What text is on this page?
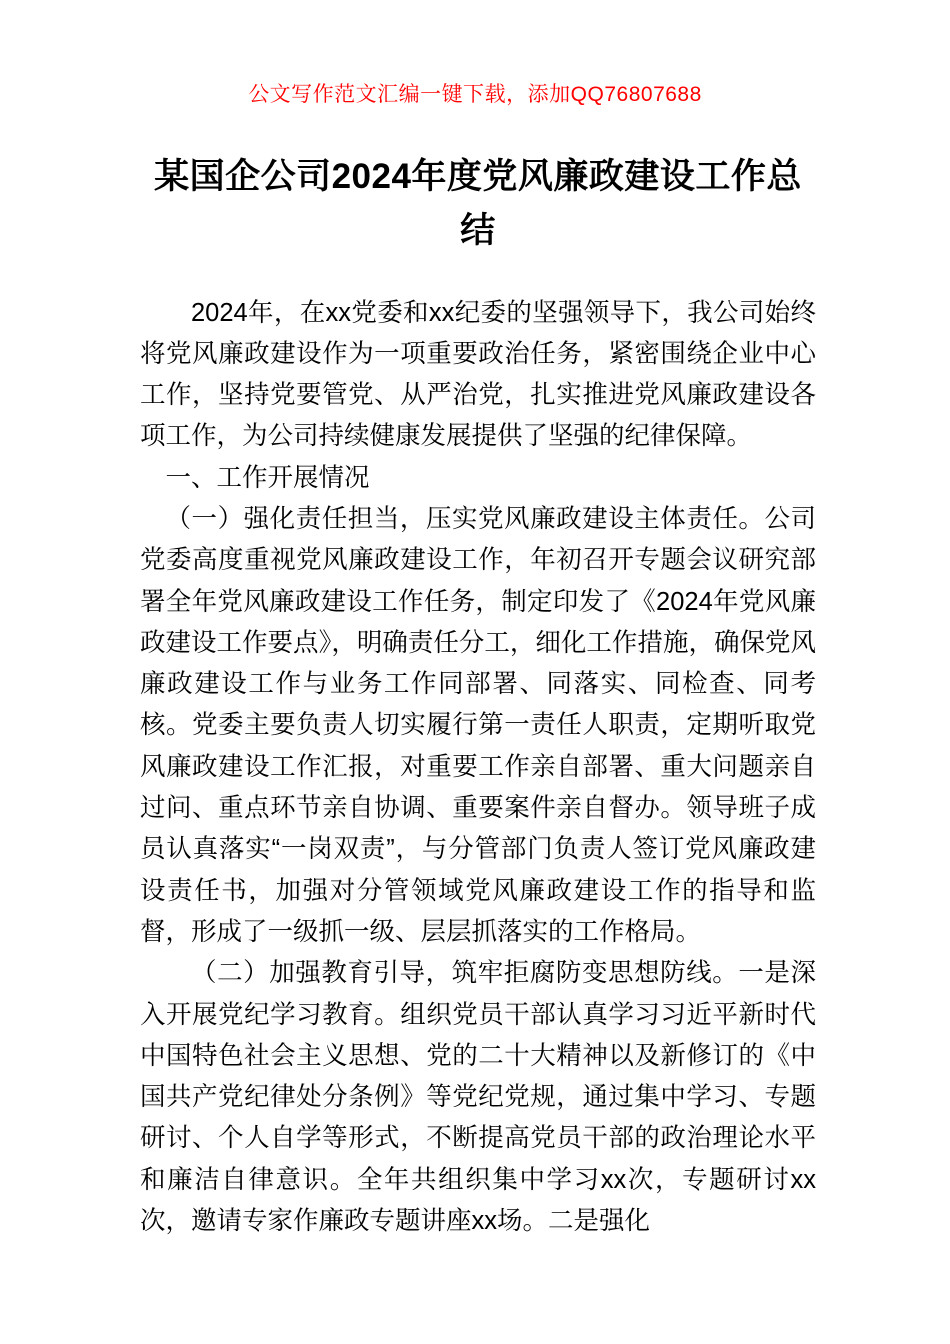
公文写作范文汇编一键下载，添加QQ76807688
某国企公司2024年度党风廉政建设工作总结

2024年，在xx党委和xx纪委的坚强领导下，我公司始终将党风廉政建设作为一项重要政治任务，紧密围绕企业中心工作，坚持党要管党、从严治党，扎实推进党风廉政建设各项工作，为公司持续健康发展提供了坚强的纪律保障。

一、工作开展情况

（一）强化责任担当，压实党风廉政建设主体责任。公司党委高度重视党风廉政建设工作，年初召开专题会议研究部署全年党风廉政建设工作任务，制定印发了《2024年党风廉政建设工作要点》，明确责任分工，细化工作措施，确保党风廉政建设工作与业务工作同部署、同落实、同检查、同考核。党委主要负责人切实履行第一责任人职责，定期听取党风廉政建设工作汇报，对重要工作亲自部署、重大问题亲自过问、重点环节亲自协调、重要案件亲自督办。领导班子成员认真落实“一岗双责”，与分管部门负责人签订党风廉政建设责任书，加强对分管领域党风廉政建设工作的指导和监督，形成了一级抓一级、层层抓落实的工作格局。

（二）加强教育引导，筑牢拒腐防变思想防线。一是深入开展党纪学习教育。组织党员干部认真学习习近平新时代中国特色社会主义思想、党的二十大精神以及新修订的《中国共产党纪律处分条例》等党纪党规，通过集中学习、专题研讨、个人自学等形式，不断提高党员干部的政治理论水平和廉洁自律意识。全年共组织集中学习xx次，专题研讨xx次，邀请专家作廉政专题讲座xx场。二是强化
